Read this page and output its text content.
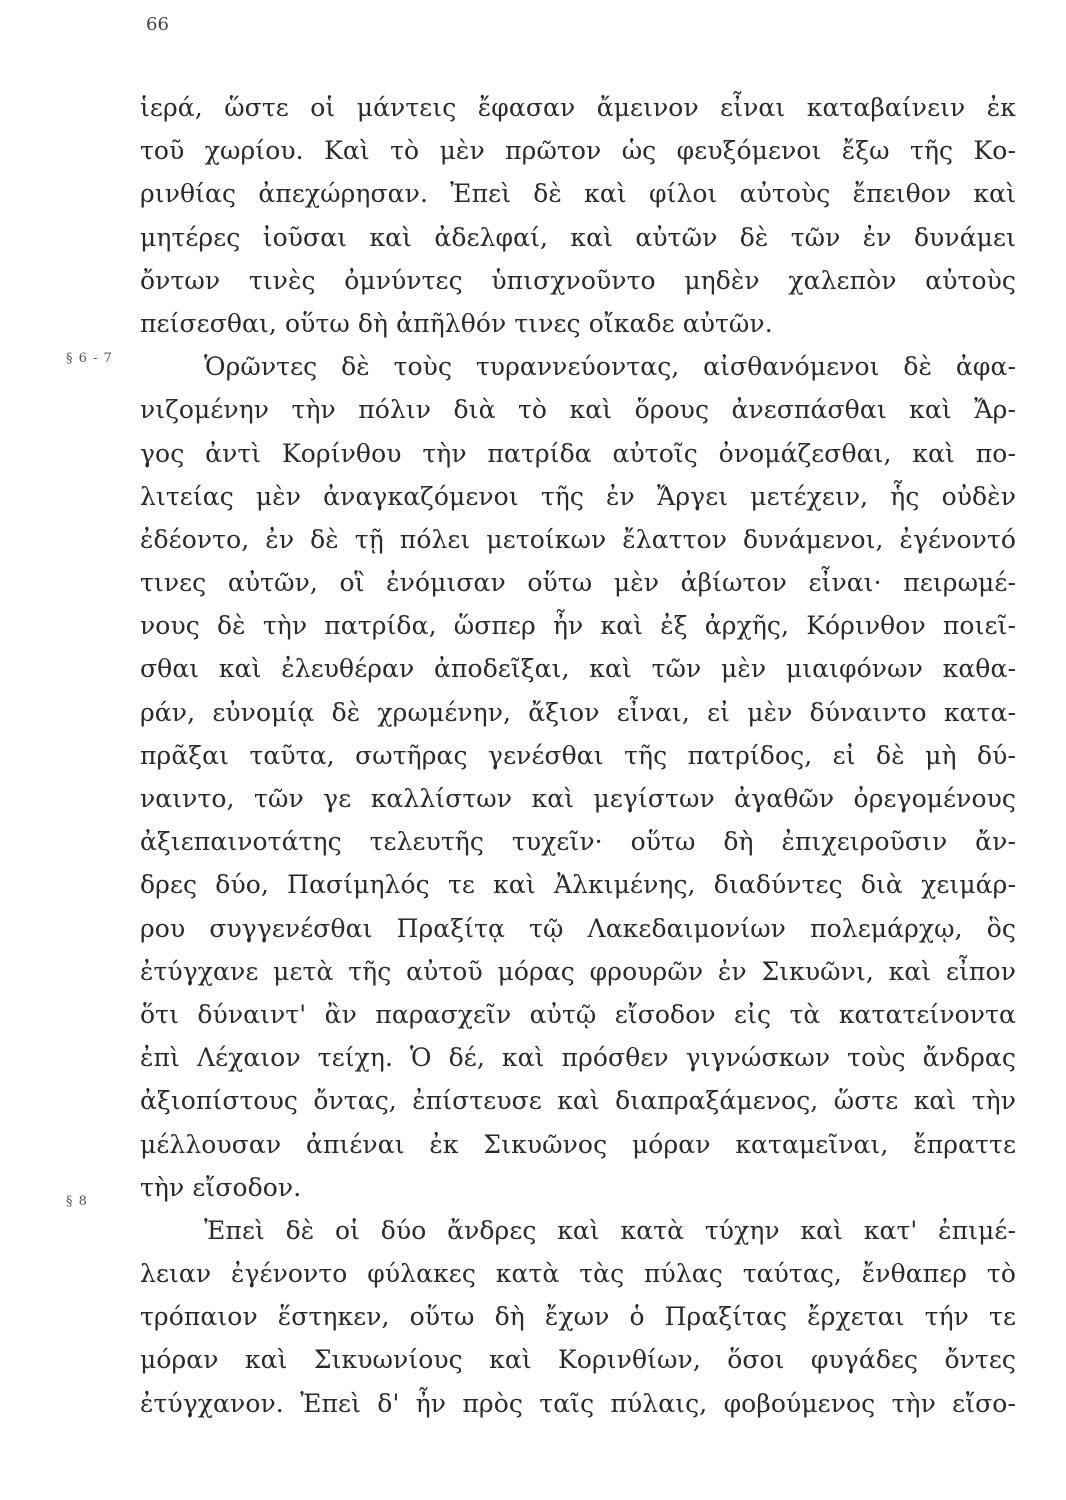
66
§ 6 - 7
§ 8
ἱερά, ὥστε οἱ μάντεις ἔφασαν ἄμεινον εἶναι καταβαίνειν ἐκ
τοῦ χωρίου. Καὶ τὸ μὲν πρῶτον ὡς φευξόμενοι ἔξω τῆς Κο-
ρινθίας ἀπεχώρησαν. Ἐπεὶ δὲ καὶ φίλοι αὐτοὺς ἔπειθον καὶ
μητέρες ἰοῦσαι καὶ ἀδελφαί, καὶ αὐτῶν δὲ τῶν ἐν δυνάμει
ὄντων τινὲς ὀμνύντες ὑπισχνοῦντο μηδὲν χαλεπὸν αὐτοὺς
πείσεσθαι, οὕτω δὴ ἀπῆλθόν τινες οἴκαδε αὐτῶν.
Ὁρῶντες δὲ τοὺς τυραννεύοντας, αἰσθανόμενοι δὲ ἀφα-
νιζομένην τὴν πόλιν διὰ τὸ καὶ ὅρους ἀνεσπάσθαι καὶ Ἄρ-
γος ἀντὶ Κορίνθου τὴν πατρίδα αὐτοῖς ὀνομάζεσθαι, καὶ πο-
λιτείας μὲν ἀναγκαζόμενοι τῆς ἐν Ἄργει μετέχειν, ἧς οὐδὲν
ἐδέοντο, ἐν δὲ τῇ πόλει μετοίκων ἔλαττον δυνάμενοι, ἐγένοντό
τινες αὐτῶν, οἳ ἐνόμισαν οὕτω μὲν ἀβίωτον εἶναι· πειρωμέ-
νους δὲ τὴν πατρίδα, ὥσπερ ἦν καὶ ἐξ ἀρχῆς, Κόρινθον ποιεῖ-
σθαι καὶ ἐλευθέραν ἀποδεῖξαι, καὶ τῶν μὲν μιαιφόνων καθα-
ράν, εὐνομίᾳ δὲ χρωμένην, ἄξιον εἶναι, εἰ μὲν δύναιντο κατα-
πρᾶξαι ταῦτα, σωτῆρας γενέσθαι τῆς πατρίδος, εἰ δὲ μὴ δύ-
ναιντο, τῶν γε καλλίστων καὶ μεγίστων ἀγαθῶν ὀρεγομένους
ἀξιεπαινοτάτης τελευτῆς τυχεῖν· οὕτω δὴ ἐπιχειροῦσιν ἄν-
δρες δύο, Πασίμηλός τε καὶ Ἀλκιμένης, διαδύντες διὰ χειμάρ-
ρου συγγενέσθαι Πραξίτᾳ τῷ Λακεδαιμονίων πολεμάρχῳ, ὃς
ἐτύγχανε μετὰ τῆς αὐτοῦ μόρας φρουρῶν ἐν Σικυῶνι, καὶ εἶπον
ὅτι δύναιντ' ἂν παρασχεῖν αὐτῷ εἴσοδον εἰς τὰ κατατείνοντα
ἐπὶ Λέχαιον τείχη. Ὁ δέ, καὶ πρόσθεν γιγνώσκων τοὺς ἄνδρας
ἀξιοπίστους ὄντας, ἐπίστευσε καὶ διαπραξάμενος, ὥστε καὶ τὴν
μέλλουσαν ἀπιέναι ἐκ Σικυῶνος μόραν καταμεῖναι, ἔπραττε
τὴν εἴσοδον.
Ἐπεὶ δὲ οἱ δύο ἄνδρες καὶ κατὰ τύχην καὶ κατ' ἐπιμέ-
λειαν ἐγένοντο φύλακες κατὰ τὰς πύλας ταύτας, ἔνθαπερ τὸ
τρόπαιον ἕστηκεν, οὕτω δὴ ἔχων ὁ Πραξίτας ἔρχεται τήν τε
μόραν καὶ Σικυωνίους καὶ Κορινθίων, ὅσοι φυγάδες ὄντες
ἐτύγχανον. Ἐπεὶ δ' ἦν πρὸς ταῖς πύλαις, φοβούμενος τὴν εἴσο-
